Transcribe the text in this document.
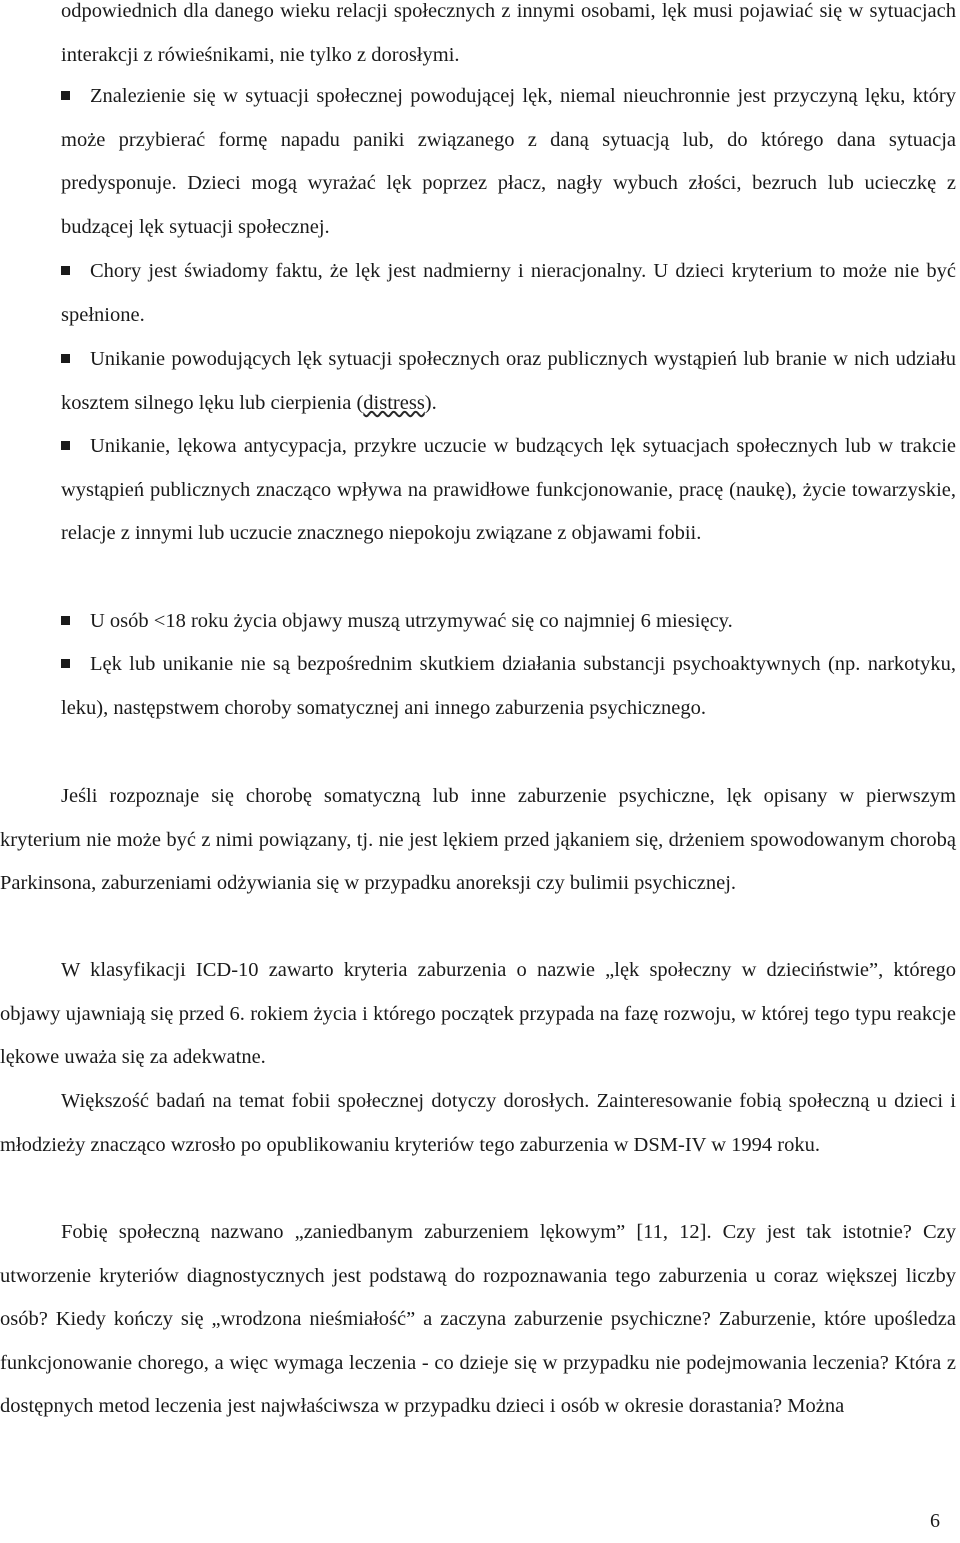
odpowiednich dla danego wieku relacji społecznych z innymi osobami, lęk musi pojawiać się w sytuacjach interakcji z rówieśnikami, nie tylko z dorosłymi.

Znalezienie się w sytuacji społecznej powodującej lęk, niemal nieuchronnie jest przyczyną lęku, który może przybierać formę napadu paniki związanego z daną sytuacją lub, do którego dana sytuacja predysponuje. Dzieci mogą wyrażać lęk poprzez płacz, nagły wybuch złości, bezruch lub ucieczkę z budzącej lęk sytuacji społecznej.

Chory jest świadomy faktu, że lęk jest nadmierny i nieracjonalny. U dzieci kryterium to może nie być spełnione.

Unikanie powodujących lęk sytuacji społecznych oraz publicznych wystąpień lub branie w nich udziału kosztem silnego lęku lub cierpienia (distress).

Unikanie, lękowa antycypacja, przykre uczucie w budzących lęk sytuacjach społecznych lub w trakcie wystąpień publicznych znacząco wpływa na prawidłowe funkcjonowanie, pracę (naukę), życie towarzyskie, relacje z innymi lub uczucie znacznego niepokoju związane z objawami fobii.

U osób <18 roku życia objawy muszą utrzymywać się co najmniej 6 miesięcy.

Lęk lub unikanie nie są bezpośrednim skutkiem działania substancji psychoaktywnych (np. narkotyku, leku), następstwem choroby somatycznej ani innego zaburzenia psychicznego.

Jeśli rozpoznaje się chorobę somatyczną lub inne zaburzenie psychiczne, lęk opisany w pierwszym kryterium nie może być z nimi powiązany, tj. nie jest lękiem przed jąkaniem się, drżeniem spowodowanym chorobą Parkinsona, zaburzeniami odżywiania się w przypadku anoreksji czy bulimii psychicznej.

W klasyfikacji ICD-10 zawarto kryteria zaburzenia o nazwie „lęk społeczny w dzieciństwie”, którego objawy ujawniają się przed 6. rokiem życia i którego początek przypada na fazę rozwoju, w której tego typu reakcje lękowe uważa się za adekwatne.

Większość badań na temat fobii społecznej dotyczy dorosłych. Zainteresowanie fobią społeczną u dzieci i młodzieży znacząco wzrosło po opublikowaniu kryteriów tego zaburzenia w DSM-IV w 1994 roku.

Fobię społeczną nazwano „zaniedbanym zaburzeniem lękowym” [11, 12]. Czy jest tak istotnie? Czy utworzenie kryteriów diagnostycznych jest podstawą do rozpoznawania tego zaburzenia u coraz większej liczby osób? Kiedy kończy się „wrodzona nieśmiałość” a zaczyna zaburzenie psychiczne? Zaburzenie, które upośledza funkcjonowanie chorego, a więc wymaga leczenia - co dzieje się w przypadku nie podejmowania leczenia? Która z dostępnych metod leczenia jest najwłaściwsza w przypadku dzieci i osób w okresie dorastania? Można

6
